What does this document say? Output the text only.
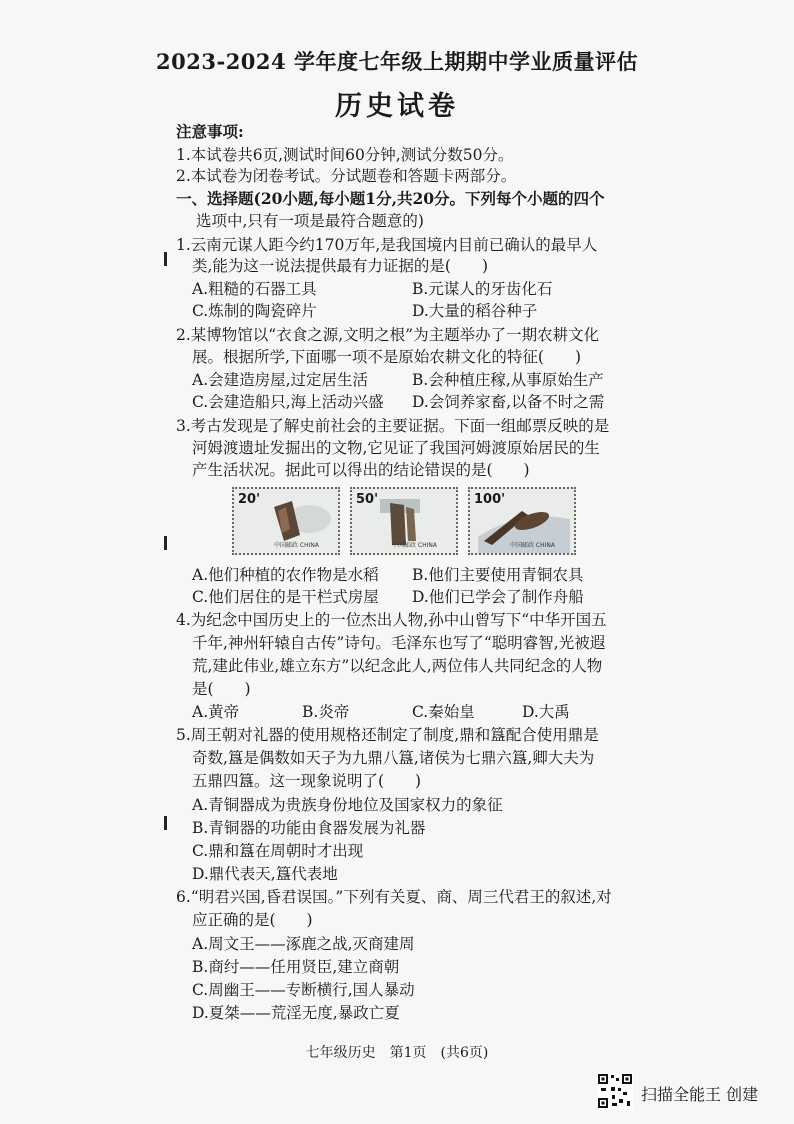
2023-2024 学年度七年级上期期中学业质量评估
历史试卷
注意事项:
1.本试卷共6页,测试时间60分钟,测试分数50分。
2.本试卷为闭卷考试。分试题卷和答题卡两部分。
一、选择题(20小题,每小题1分,共20分。下列每个小题的四个
选项中,只有一项是最符合题意的)
1.云南元谋人距今约170万年,是我国境内目前已确认的最早人
类,能为这一说法提供最有力证据的是(　　)
A.粗糙的石器工具	B.元谋人的牙齿化石
C.炼制的陶瓷碎片	D.大量的稻谷种子
2.某博物馆以“衣食之源,文明之根”为主题举办了一期农耕文化
展。根据所学,下面哪一项不是原始农耕文化的特征(　　)
A.会建造房屋,过定居生活	B.会种植庄稼,从事原始生产
C.会建造船只,海上活动兴盛 D.会饲养家畜,以备不时之需
3.考古发现是了解史前社会的主要证据。下面一组邮票反映的是
河姆渡遗址发掘出的文物,它见证了我国河姆渡原始居民的生
产生活状况。据此可以得出的结论错误的是(　　)
20'
中国邮政 CHINA
50'
中国邮政 CHINA
100'
中国邮政 CHINA
A.他们种植的农作物是水稻 B.他们主要使用青铜农具
C.他们居住的是干栏式房屋 D.他们已学会了制作舟船
4.为纪念中国历史上的一位杰出人物,孙中山曾写下“中华开国五
千年,神州轩辕自古传”诗句。毛泽东也写了“聪明睿智,光被遐
荒,建此伟业,雄立东方”以纪念此人,两位伟人共同纪念的人物
是(　　)
A.黄帝	B.炎帝	C.秦始皇	D.大禹
5.周王朝对礼器的使用规格还制定了制度,鼎和簋配合使用鼎是
奇数,簋是偶数如天子为九鼎八簋,诸侯为七鼎六簋,卿大夫为
五鼎四簋。这一现象说明了(　　)
A.青铜器成为贵族身份地位及国家权力的象征
B.青铜器的功能由食器发展为礼器
C.鼎和簋在周朝时才出现
D.鼎代表天,簋代表地
6.“明君兴国,昏君误国。”下列有关夏、商、周三代君王的叙述,对
应正确的是(　　)
A.周文王——涿鹿之战,灭商建周
B.商纣——任用贤臣,建立商朝
C.周幽王——专断横行,国人暴动
D.夏桀——荒淫无度,暴政亡夏
七年级历史　第1页　(共6页)
扫描全能王 创建
